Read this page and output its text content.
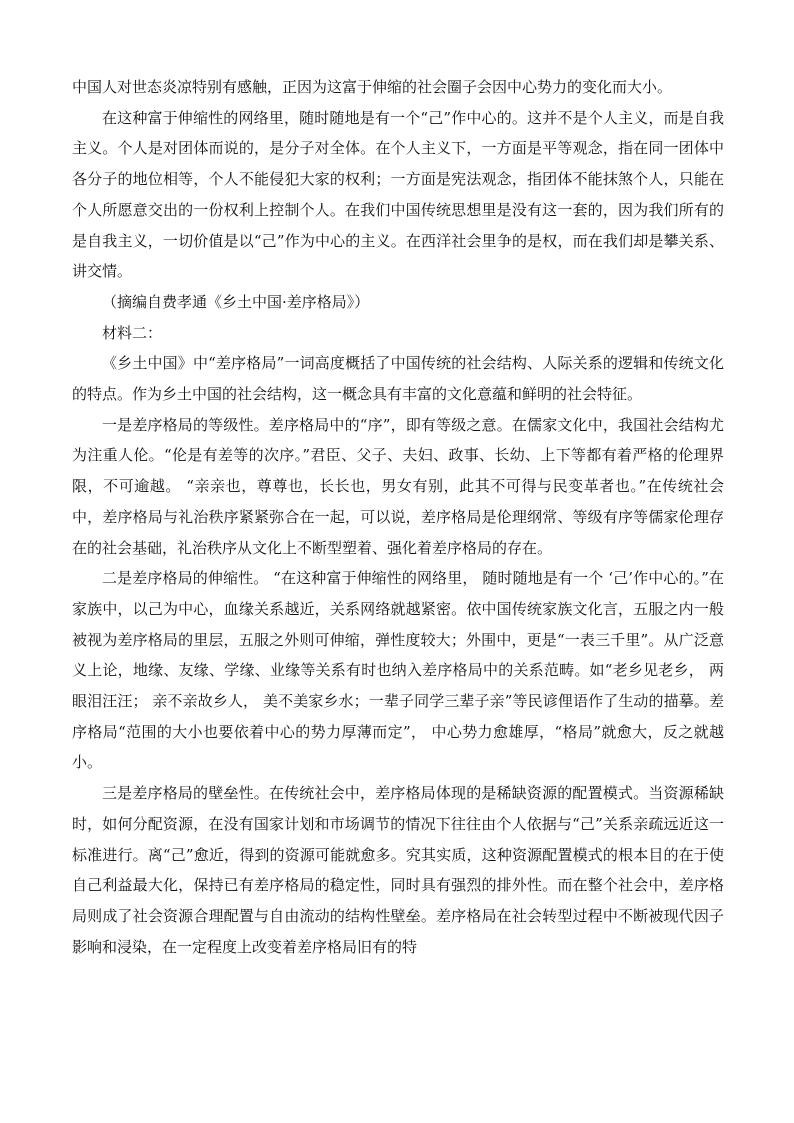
中国人对世态炎凉特别有感触，正因为这富于伸缩的社会圈子会因中心势力的变化而大小。

在这种富于伸缩性的网络里，随时随地是有一个“己”作中心的。这并不是个人主义，而是自我主义。个人是对团体而说的，是分子对全体。在个人主义下，一方面是平等观念，指在同一团体中各分子的地位相等，个人不能侵犯大家的权利；一方面是宪法观念，指团体不能抹煞个人，只能在个人所愿意交出的一份权利上控制个人。在我们中国传统思想里是没有这一套的，因为我们所有的是自我主义，一切价值是以“己”作为中心的主义。在西洋社会里争的是权，而在我们却是攀关系、讲交情。

（摘编自费孝通《乡土中国·差序格局》）

材料二：

《乡土中国》中“差序格局”一词高度概括了中国传统的社会结构、人际关系的逻辑和传统文化的特点。作为乡土中国的社会结构，这一概念具有丰富的文化意蕴和鲜明的社会特征。

一是差序格局的等级性。差序格局中的“序”，即有等级之意。在儒家文化中，我国社会结构尤为注重人伦。“伦是有差等的次序。”君臣、父子、夫妇、政事、长幼、上下等都有着严格的伦理界限，不可逾越。 “亲亲也，尊尊也，长长也，男女有别，此其不可得与民变革者也。”在传统社会中，差序格局与礼治秩序紧紧弥合在一起，可以说，差序格局是伦理纲常、等级有序等儒家伦理存在的社会基础，礼治秩序从文化上不断型塑着、强化着差序格局的存在。

二是差序格局的伸缩性。 “在这种富于伸缩性的网络里， 随时随地是有一个 ‘己’作中心的。”在家族中，以己为中心，血缘关系越近，关系网络就越紧密。依中国传统家族文化言，五服之内一般被视为差序格局的里层，五服之外则可伸缩，弹性度较大；外围中，更是“一表三千里”。从广泛意义上论，地缘、友缘、学缘、业缘等关系有时也纳入差序格局中的关系范畴。如“老乡见老乡， 两眼泪汪汪； 亲不亲故乡人， 美不美家乡水；一辈子同学三辈子亲”等民谚俚语作了生动的描摹。差序格局“范围的大小也要依着中心的势力厚薄而定”， 中心势力愈雄厚，“格局”就愈大，反之就越小。

三是差序格局的壁垒性。在传统社会中，差序格局体现的是稀缺资源的配置模式。当资源稀缺时，如何分配资源，在没有国家计划和市场调节的情况下往往由个人依据与“己”关系亲疏远近这一标准进行。离“己”愈近，得到的资源可能就愈多。究其实质，这种资源配置模式的根本目的在于使自己利益最大化，保持已有差序格局的稳定性，同时具有强烈的排外性。而在整个社会中，差序格局则成了社会资源合理配置与自由流动的结构性壁垒。差序格局在社会转型过程中不断被现代因子影响和浸染，在一定程度上改变着差序格局旧有的特
